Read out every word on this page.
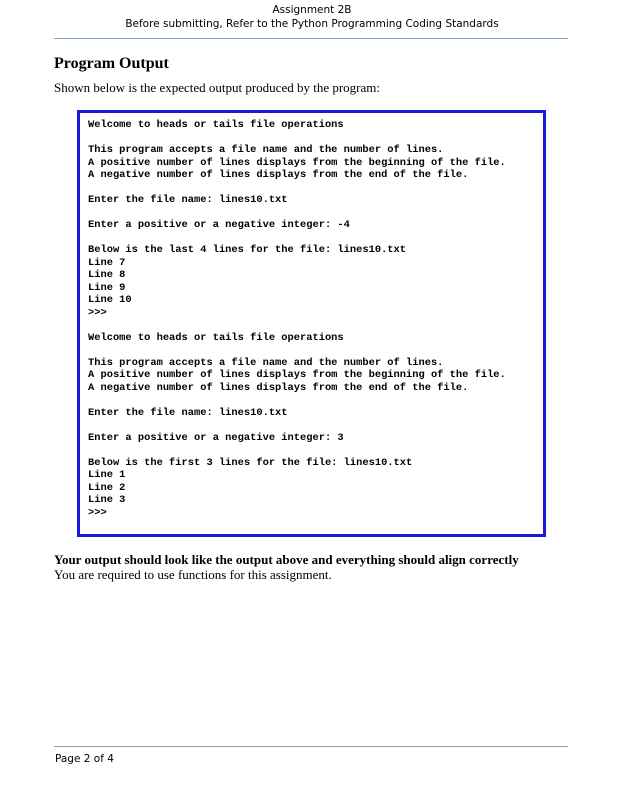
Assignment 2B
Before submitting, Refer to the Python Programming Coding Standards
Program Output
Shown below is the expected output produced by the program:
Welcome to heads or tails file operations

This program accepts a file name and the number of lines.
A positive number of lines displays from the beginning of the file.
A negative number of lines displays from the end of the file.

Enter the file name: lines10.txt

Enter a positive or a negative integer: -4

Below is the last 4 lines for the file: lines10.txt
Line 7
Line 8
Line 9
Line 10
>>>

Welcome to heads or tails file operations

This program accepts a file name and the number of lines.
A positive number of lines displays from the beginning of the file.
A negative number of lines displays from the end of the file.

Enter the file name: lines10.txt

Enter a positive or a negative integer: 3

Below is the first 3 lines for the file: lines10.txt
Line 1
Line 2
Line 3
>>>
Your output should look like the output above and everything should align correctly
You are required to use functions for this assignment.
Page 2 of 4
